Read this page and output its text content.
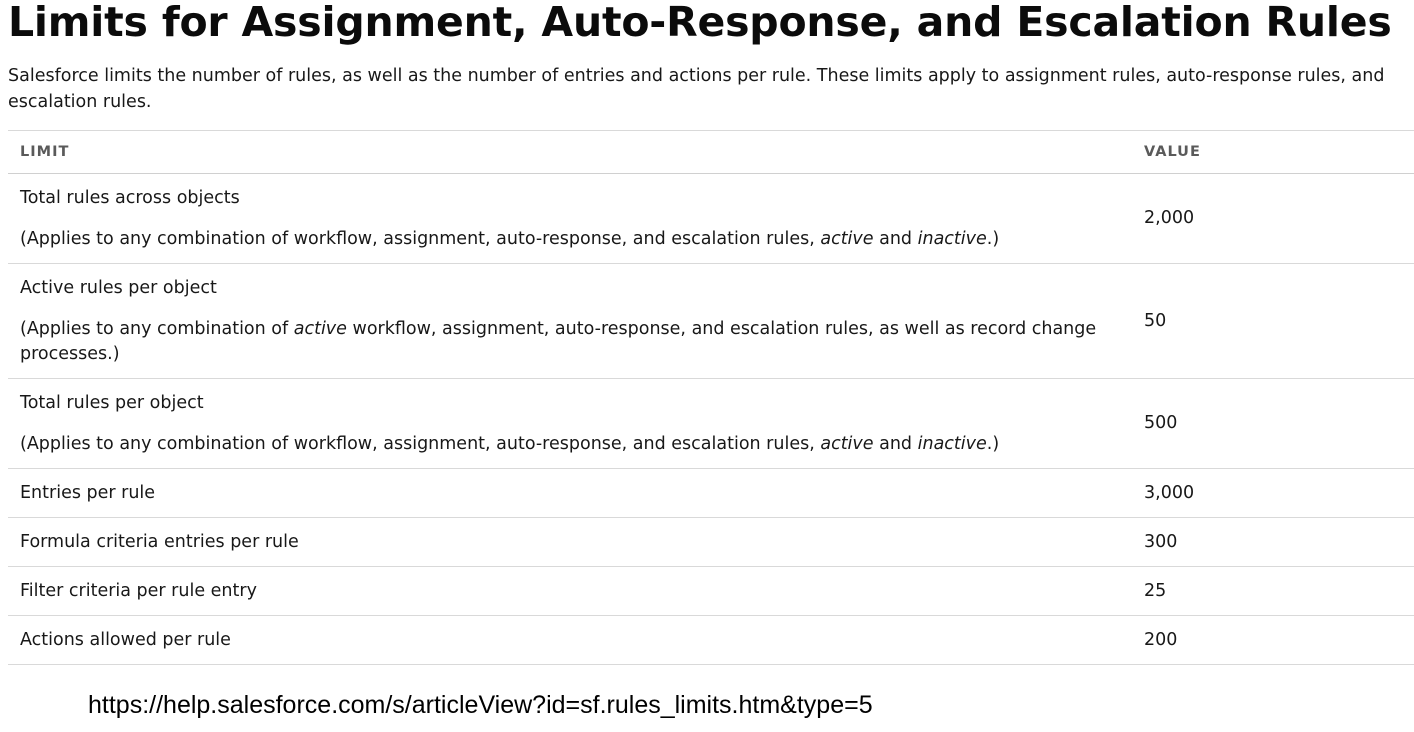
Limits for Assignment, Auto-Response, and Escalation Rules

Salesforce limits the number of rules, as well as the number of entries and actions per rule. These limits apply to assignment rules, auto-response rules, and escalation rules.

LIMIT	VALUE

Total rules across objects
(Applies to any combination of workflow, assignment, auto-response, and escalation rules, active and inactive.)	2,000

Active rules per object
(Applies to any combination of active workflow, assignment, auto-response, and escalation rules, as well as record change processes.)	50

Total rules per object
(Applies to any combination of workflow, assignment, auto-response, and escalation rules, active and inactive.)	500
Entries per rule	3,000
Formula criteria entries per rule	300
Filter criteria per rule entry	25
Actions allowed per rule	200

https://help.salesforce.com/s/articleView?id=sf.rules_limits.htm&type=5
